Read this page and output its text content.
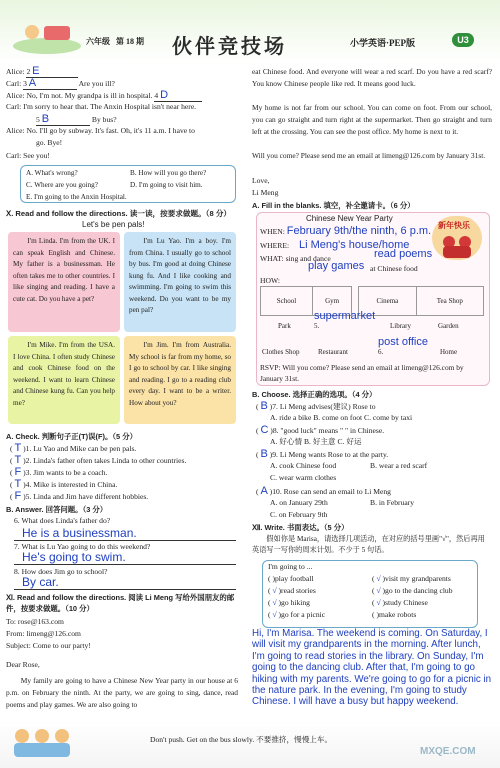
六年级 第 18 期 伙伴竞技场	小学英语·PEP版	U3
Alice: 2 E
Carl: 3 A	Are you ill?
Alice: No, I'm not. My grandpa is ill in hospital. 4 D
Carl: I'm sorry to hear that. The Anxin Hospital isn't near here.
5 B	By bus?
Alice: No. I'll go by subway. It's fast. Oh, it's 11 a.m. I have to
go. Bye!
Carl: See you!
A. What's wrong?	B. How will you go there?
C. Where are you going?	D. I'm going to visit him.
E. I'm going to the Anxin Hospital.
Ⅹ. Read and follow the directions. 读一读，按要求做题。（8 分）
Let's be pen pals!
I'm Linda. I'm from the UK. I can speak English and Chinese. My father is a businessman. He often takes me to other countries. I like singing and reading. I have a cute cat. Do you have a pet?
I'm Lu Yao. I'm a boy. I'm from China. I usually go to school by bus. I'm good at doing Chinese kung fu. And I like cooking and swimming. I'm going to swim this weekend. Do you want to be my pen pal?
I'm Mike. I'm from the USA. I love China. I often study Chinese and cook Chinese food on the weekend. I want to learn Chinese and Chinese kung fu. Can you help me?
I'm Jim. I'm from Australia. My school is far from my home, so I go to school by car. I like singing and reading. I go to a reading club every day. I want to be a writer. How about you?
A. Check. 判断句子正(T)误(F)。（5 分）
( T )1. Lu Yao and Mike can be pen pals.
( T )2. Linda's father often takes Linda to other countries.
( F )3. Jim wants to be a coach.
( T )4. Mike is interested in China.
( F )5. Linda and Jim have different hobbies.
B. Answer. 回答问题。（3 分）
6. What does Linda's father do?
He is a businessman.
7. What is Lu Yao going to do this weekend?
He's going to swim.
8. How does Jim go to school?
By car.
Ⅺ. Read and follow the directions. 阅读 Li Meng 写给外国朋友的邮件，按要求做题。（10 分）
To: rose@163.com
From: limeng@126.com
Subject: Come to our party!
Dear Rose,
My family are going to have a Chinese New Year party in our house at 6 p.m. on February the ninth. At the party, we are going to sing, dance, read poems and play games. We are also going to
eat Chinese food. And everyone will wear a red scarf. Do you have a red scarf? You know Chinese people like red. It means good luck.
My home is not far from our school. You can come on foot. From our school, you can go straight and turn right at the supermarket. Then go straight and turn left at the crossing. You can see the post office. My home is next to it.
Will you come? Please send me an email at limeng@126.com by January 31st.
Love,
Li Meng
A. Fill in the blanks. 填空，补全邀请卡。（6 分）
Chinese New Year Party
新年快乐
WHEN: February 9th/the ninth, 6 p.m.
WHERE: Li Meng's house/home
WHAT: sing and dance	read poems
play games at Chinese food
HOW:
School	Gym		Cinema	Tea Shop
Park	Library	Garden
supermarket
5.
Clothes Shop	Restaurant
post office
6.	Home
RSVP: Will you come? Please send an email at limeng@126.com by January 31st.
B. Choose. 选择正确的选项。（4 分）
( B )7. Li Meng advises(建议) Rose to
A. ride a bike B. come on foot C. come by taxi
( C )8. "good luck" means " " in Chinese.
A. 好心情 B. 好主意 C. 好运
( B )9. Li Meng wants Rose to at the party.
A. cook Chinese food	B. wear a red scarf
C. wear warm clothes
( A )10. Rose can send an email to Li Meng
A. on January 29th	B. in February
C. on February 9th
Ⅻ. Write. 书面表达。（5 分）
假如你是 Marisa，请选择几项活动，在对应的括号里画"√"，然后再用英语写一写你的周末计划。不少于 5 句话。
I'm going to ...
( )play football	( √ )visit my grandparents
( √ )read stories	( √ )go to the dancing club
( √ )go hiking	( √ )study Chinese
( √ )go for a picnic	( )make robots
Hi, I'm Marisa. The weekend is coming. On Saturday, I will visit my grandparents in the morning. After lunch, I'm going to read stories in the library. On Sunday, I'm going to the dancing club. After that, I'm going to go hiking with my parents. We're going to go for a picnic in the nature park. In the evening, I'm going to study Chinese. I will have a busy but happy weekend.
Don't push. Get on the bus slowly. 不要推挤，慢慢上车。
MXQE.COM
